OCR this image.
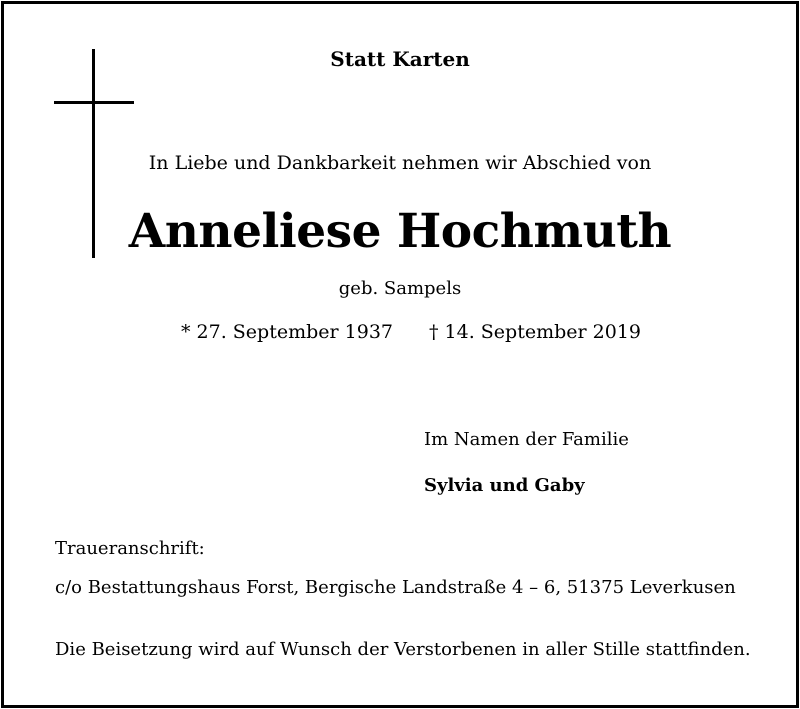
Statt Karten
In Liebe und Dankbarkeit nehmen wir Abschied von
Anneliese Hochmuth
geb. Sampels
* 27. September 1937 † 14. September 2019
Im Namen der Familie
Sylvia und Gaby
Traueranschrift:
c/o Bestattungshaus Forst, Bergische Landstraße 4 – 6, 51375 Leverkusen
Die Beisetzung wird auf Wunsch der Verstorbenen in aller Stille stattfinden.
